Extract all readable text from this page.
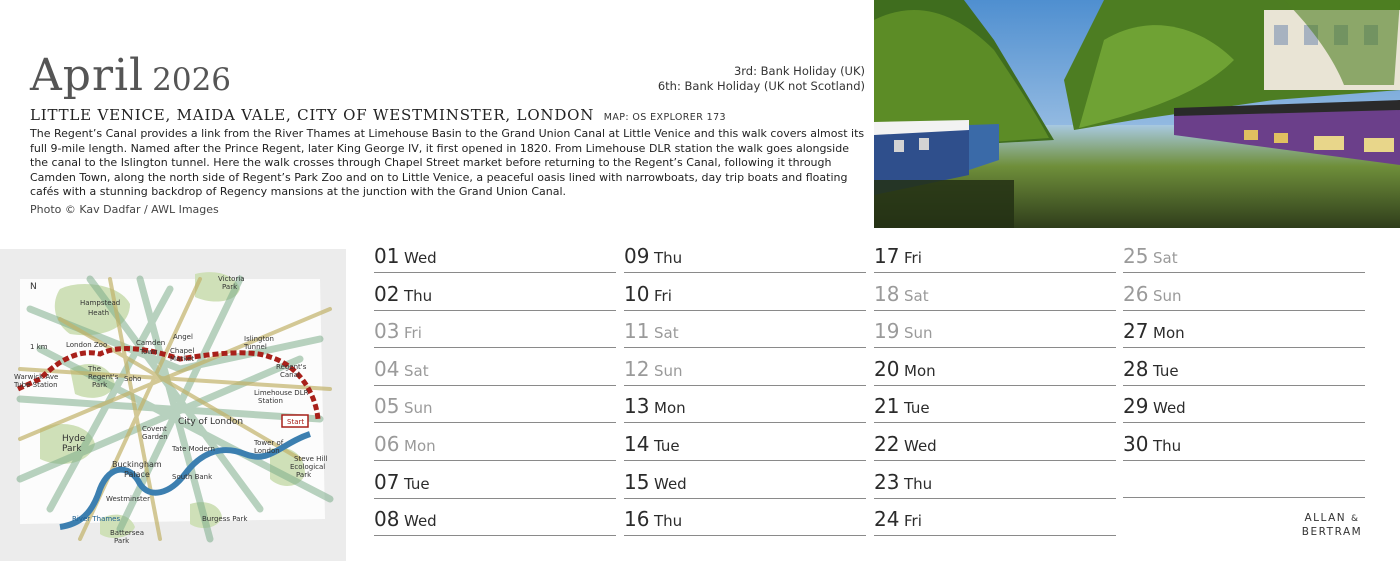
April 2026	3rd: Bank Holiday (UK)
6th: Bank Holiday (UK not Scotland)
LITTLE VENICE, MAIDA VALE, CITY OF WESTMINSTER, LONDON MAP: OS EXPLORER 173

The Regent’s Canal provides a link from the River Thames at Limehouse Basin to the Grand Union Canal at Little Venice and this walk covers almost its full 9-mile length. Named after the Prince Regent, later King George IV, it first opened in 1820. From Limehouse DLR station the walk goes alongside the canal to the Islington tunnel. Here the walk crosses through Chapel Street market before returning to the Regent’s Canal, following it through Camden Town, along the north side of Regent’s Park Zoo and on to Little Venice, a peaceful oasis lined with narrowboats, day trip boats and floating cafés with a stunning backdrop of Regency mansions at the junction with the Grand Union Canal.

Photo © Kav Dadfar / AWL Images
Hampstead
Heath
Victoria
Park
London Zoo	Camden
Town
Angel
Chapel
Market
Islington
Tunnel
1 km
N
Warwick Ave
Tube Station
The
Regent's
Park
Regent's
Canal
Soho
Limehouse DLR
Station
Start
City of London
Hyde
Park
Covent
Garden
Tower of
London
Buckingham
Palace
Tate Modern
South Bank
Steve Hill
Ecological
Park
Westminster
River Thames
Battersea
Park
Burgess Park
01 Wed
02 Thu
03 Fri
04 Sat
05 Sun
06 Mon
07 Tue
08 Wed
09 Thu
10 Fri
11 Sat
12 Sun
13 Mon
14 Tue
15 Wed
16 Thu
17 Fri
18 Sat
19 Sun
20 Mon
21 Tue
22 Wed
23 Thu
24 Fri
25 Sat
26 Sun
27 Mon
28 Tue
29 Wed
30 Thu
ALLAN &
BERTRAM
